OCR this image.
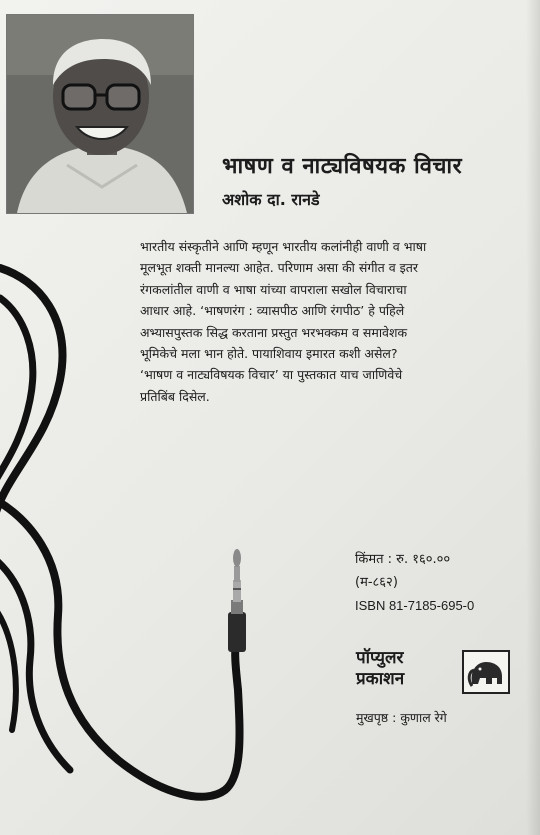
भाषण व नाट्यविषयक विचार
अशोक दा. रानडे

भारतीय संस्कृतीने आणि म्हणून भारतीय कलांनीही वाणी व भाषा

मूलभूत शक्ती मानल्या आहेत. परिणाम असा की संगीत व इतर

रंगकलांतील वाणी व भाषा यांच्या वापराला सखोल विचाराचा

आधार आहे. ‘भाषणरंग : व्यासपीठ आणि रंगपीठ’ हे पहिले

अभ्यासपुस्तक सिद्ध करताना प्रस्तुत भरभक्कम व समावेशक

भूमिकेचे मला भान होते. पायाशिवाय इमारत कशी असेल?

‘भाषण व नाट्यविषयक विचार’ या पुस्तकात याच जाणिवेचे

प्रतिबिंब दिसेल.

किंमत : रु. १६०.००
(म-८६२)
ISBN 81-7185-695-0
पॉप्युलर
प्रकाशन
मुखपृष्ठ : कुणाल रेगे
